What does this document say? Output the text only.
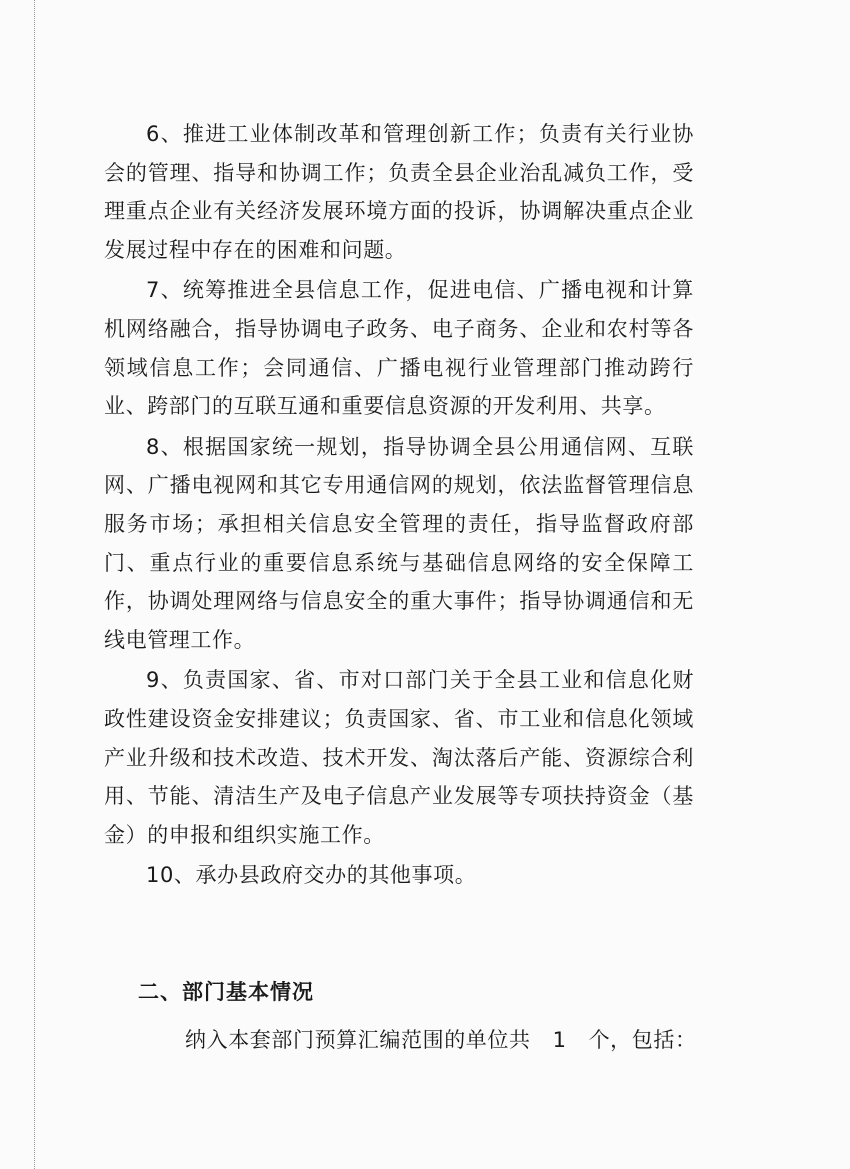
6、推进工业体制改革和管理创新工作；负责有关行业协会的管理、指导和协调工作；负责全县企业治乱减负工作，受理重点企业有关经济发展环境方面的投诉，协调解决重点企业发展过程中存在的困难和问题。

7、统筹推进全县信息工作，促进电信、广播电视和计算机网络融合，指导协调电子政务、电子商务、企业和农村等各领域信息工作；会同通信、广播电视行业管理部门推动跨行业、跨部门的互联互通和重要信息资源的开发利用、共享。

8、根据国家统一规划，指导协调全县公用通信网、互联网、广播电视网和其它专用通信网的规划，依法监督管理信息服务市场；承担相关信息安全管理的责任，指导监督政府部门、重点行业的重要信息系统与基础信息网络的安全保障工作，协调处理网络与信息安全的重大事件；指导协调通信和无线电管理工作。

9、负责国家、省、市对口部门关于全县工业和信息化财政性建设资金安排建议；负责国家、省、市工业和信息化领域产业升级和技术改造、技术开发、淘汰落后产能、资源综合利用、节能、清洁生产及电子信息产业发展等专项扶持资金（基金）的申报和组织实施工作。

10、承办县政府交办的其他事项。

二、部门基本情况

纳入本套部门预算汇编范围的单位共 1 个，包括：
